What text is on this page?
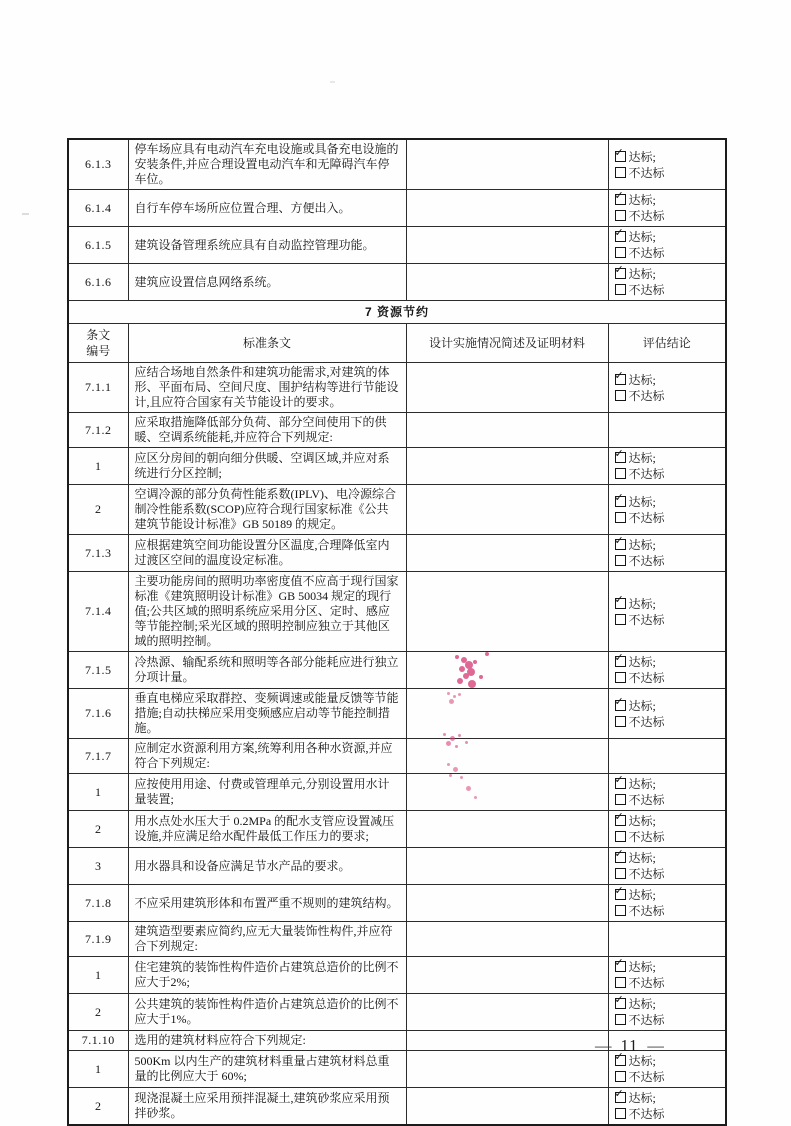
6.1.3	停车场应具有电动汽车充电设施或具备充电设施的安装条件,并应合理设置电动汽车和无障碍汽车停车位。		✓ 达标;
不达标

6.1.4	自行车停车场所应位置合理、方便出入。		✓ 达标;
不达标

6.1.5	建筑设备管理系统应具有自动监控管理功能。		✓ 达标;
不达标

6.1.6	建筑应设置信息网络系统。		✓ 达标;
不达标

7 资源节约			
条文
编号	标准条文	设计实施情况简述及证明材料	评估结论
7.1.1	应结合场地自然条件和建筑功能需求,对建筑的体形、平面布局、空间尺度、围护结构等进行节能设计,且应符合国家有关节能设计的要求。		✓ 达标;
不达标

7.1.2	应采取措施降低部分负荷、部分空间使用下的供暖、空调系统能耗,并应符合下列规定:		
1	应区分房间的朝向细分供暖、空调区域,并应对系统进行分区控制;		✓ 达标;
不达标

2	空调冷源的部分负荷性能系数(IPLV)、电冷源综合制冷性能系数(SCOP)应符合现行国家标准《公共建筑节能设计标准》GB 50189 的规定。		✓ 达标;
不达标

7.1.3	应根据建筑空间功能设置分区温度,合理降低室内过渡区空间的温度设定标准。		✓ 达标;
不达标

7.1.4	主要功能房间的照明功率密度值不应高于现行国家标准《建筑照明设计标准》GB 50034 规定的现行值;公共区域的照明系统应采用分区、定时、感应等节能控制;采光区域的照明控制应独立于其他区域的照明控制。		✓ 达标;
不达标

7.1.5	冷热源、输配系统和照明等各部分能耗应进行独立分项计量。		✓ 达标;
不达标

7.1.6	垂直电梯应采取群控、变频调速或能量反馈等节能措施;自动扶梯应采用变频感应启动等节能控制措施。		✓ 达标;
不达标

7.1.7	应制定水资源利用方案,统筹利用各种水资源,并应符合下列规定:		
1	应按使用用途、付费或管理单元,分别设置用水计量装置;		✓ 达标;
不达标

2	用水点处水压大于 0.2MPa 的配水支管应设置减压设施,并应满足给水配件最低工作压力的要求;		✓ 达标;
不达标

3	用水器具和设备应满足节水产品的要求。		✓ 达标;
不达标

7.1.8	不应采用建筑形体和布置严重不规则的建筑结构。		✓ 达标;
不达标

7.1.9	建筑造型要素应简约,应无大量装饰性构件,并应符合下列规定:		
1	住宅建筑的装饰性构件造价占建筑总造价的比例不应大于2%;		✓ 达标;
不达标

2	公共建筑的装饰性构件造价占建筑总造价的比例不应大于1%。		✓ 达标;
不达标

7.1.10	选用的建筑材料应符合下列规定:		
1	500Km 以内生产的建筑材料重量占建筑材料总重量的比例应大于 60%;		✓ 达标;
不达标

2	现浇混凝土应采用预拌混凝土,建筑砂浆应采用预拌砂浆。		✓ 达标;
不达标
— 11 —
